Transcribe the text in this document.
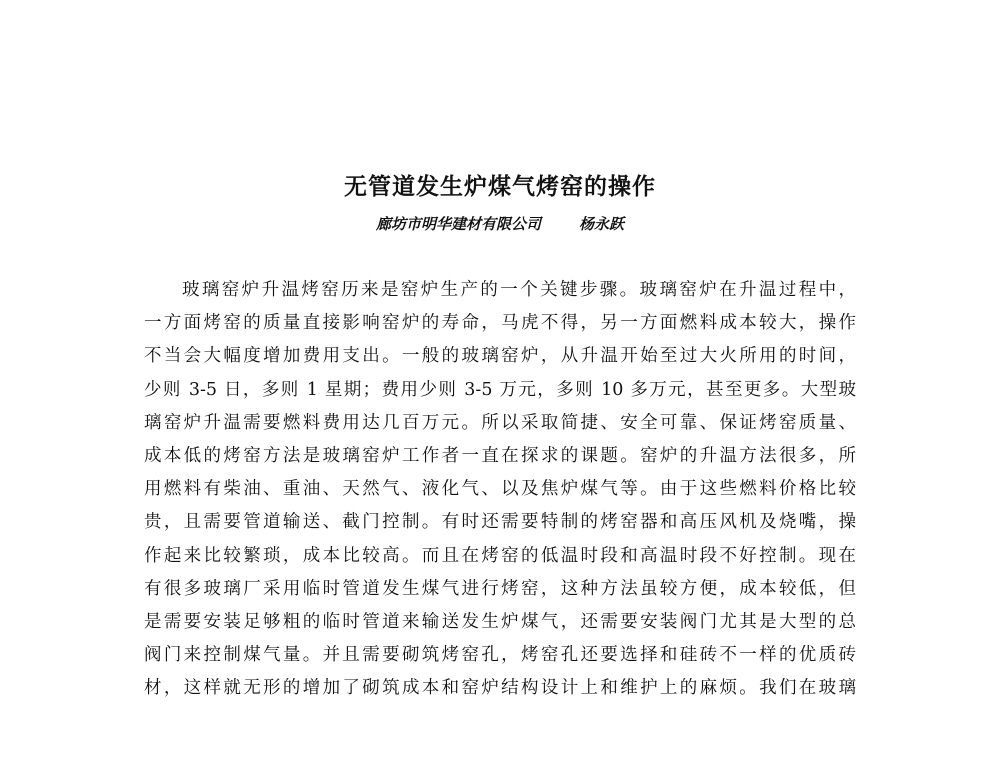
无管道发生炉煤气烤窑的操作
廊坊市明华建材有限公司	杨永跃
玻璃窑炉升温烤窑历来是窑炉生产的一个关键步骤。玻璃窑炉在升温过程中，
一方面烤窑的质量直接影响窑炉的寿命，马虎不得，另一方面燃料成本较大，操作
不当会大幅度增加费用支出。一般的玻璃窑炉，从升温开始至过大火所用的时间，
少则 3-5 日，多则 1 星期；费用少则 3-5 万元，多则 10 多万元，甚至更多。大型玻
璃窑炉升温需要燃料费用达几百万元。所以采取简捷、安全可靠、保证烤窑质量、
成本低的烤窑方法是玻璃窑炉工作者一直在探求的课题。窑炉的升温方法很多，所
用燃料有柴油、重油、天然气、液化气、以及焦炉煤气等。由于这些燃料价格比较
贵，且需要管道输送、截门控制。有时还需要特制的烤窑器和高压风机及烧嘴，操
作起来比较繁琐，成本比较高。而且在烤窑的低温时段和高温时段不好控制。现在
有很多玻璃厂采用临时管道发生煤气进行烤窑，这种方法虽较方便，成本较低，但
是需要安装足够粗的临时管道来输送发生炉煤气，还需要安装阀门尤其是大型的总
阀门来控制煤气量。并且需要砌筑烤窑孔，烤窑孔还要选择和硅砖不一样的优质砖
材，这样就无形的增加了砌筑成本和窑炉结构设计上和维护上的麻烦。我们在玻璃
